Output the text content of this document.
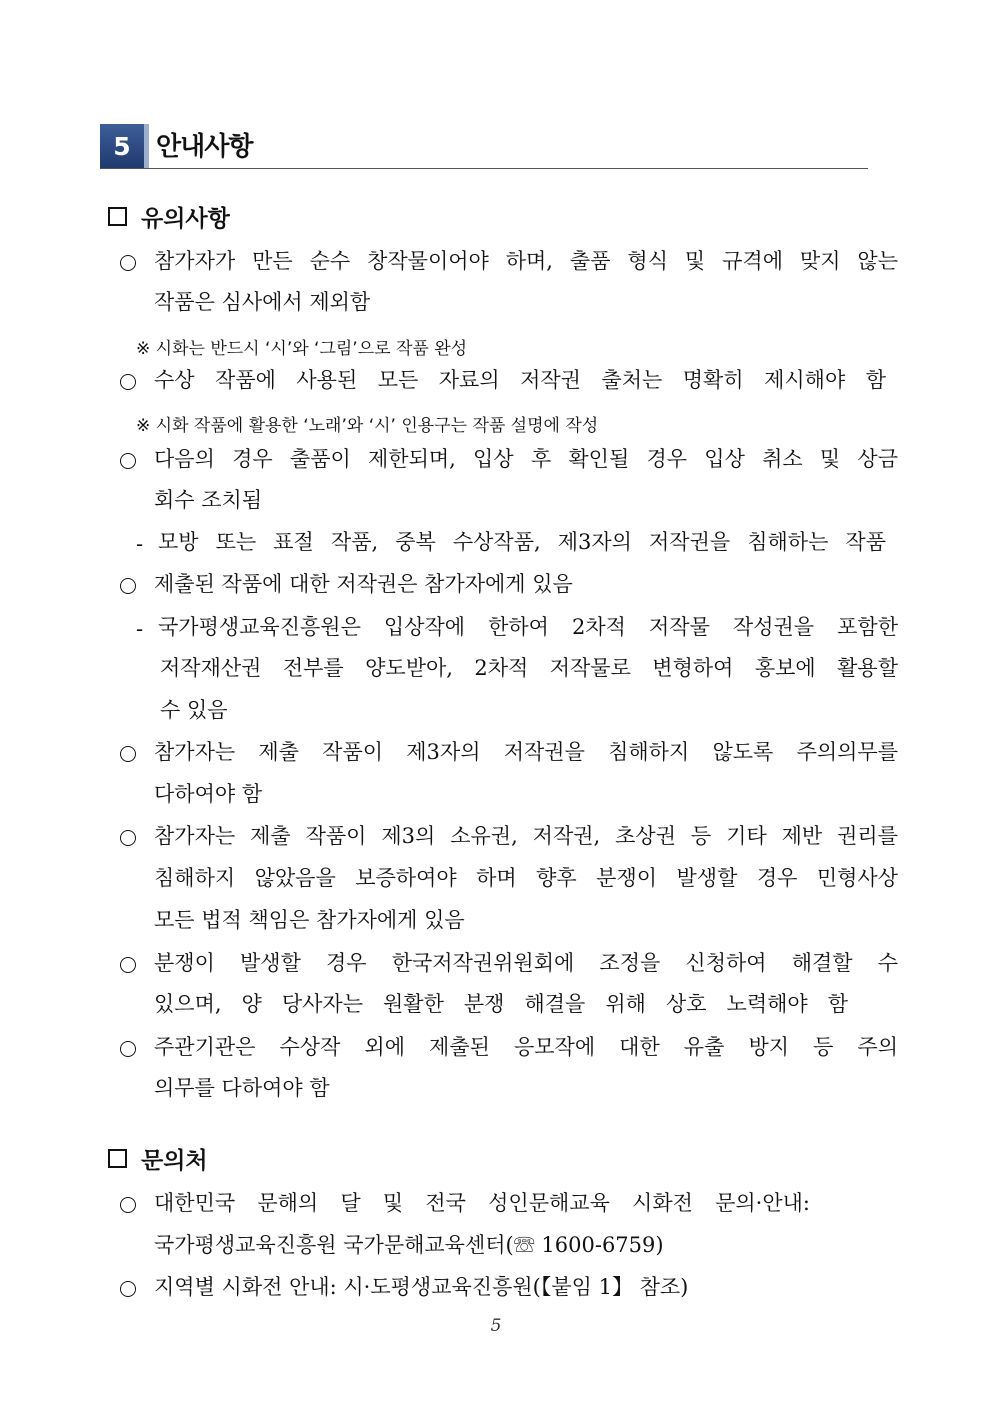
5 안내사항
유의사항
참가자가 만든 순수 창작물이어야 하며, 출품 형식 및 규격에 맞지 않는
작품은 심사에서 제외함
※ 시화는 반드시 ‘시’와 ‘그림’으로 작품 완성
수상 작품에 사용된 모든 자료의 저작권 출처는 명확히 제시해야 함
※ 시화 작품에 활용한 ‘노래’와 ‘시’ 인용구는 작품 설명에 작성
다음의 경우 출품이 제한되며, 입상 후 확인될 경우 입상 취소 및 상금
회수 조치됨
- 모방 또는 표절 작품, 중복 수상작품, 제3자의 저작권을 침해하는 작품
제출된 작품에 대한 저작권은 참가자에게 있음
- 국가평생교육진흥원은 입상작에 한하여 2차적 저작물 작성권을 포함한
저작재산권 전부를 양도받아, 2차적 저작물로 변형하여 홍보에 활용할
수 있음
참가자는 제출 작품이 제3자의 저작권을 침해하지 않도록 주의의무를
다하여야 함
참가자는 제출 작품이 제3의 소유권, 저작권, 초상권 등 기타 제반 권리를
침해하지 않았음을 보증하여야 하며 향후 분쟁이 발생할 경우 민형사상
모든 법적 책임은 참가자에게 있음
분쟁이 발생할 경우 한국저작권위원회에 조정을 신청하여 해결할 수
있으며, 양 당사자는 원활한 분쟁 해결을 위해 상호 노력해야 함
주관기관은 수상작 외에 제출된 응모작에 대한 유출 방지 등 주의
의무를 다하여야 함
문의처
대한민국 문해의 달 및 전국 성인문해교육 시화전 문의·안내:
국가평생교육진흥원 국가문해교육센터(☏ 1600-6759)
지역별 시화전 안내: 시·도평생교육진흥원(【붙임 1】 참조)
5
